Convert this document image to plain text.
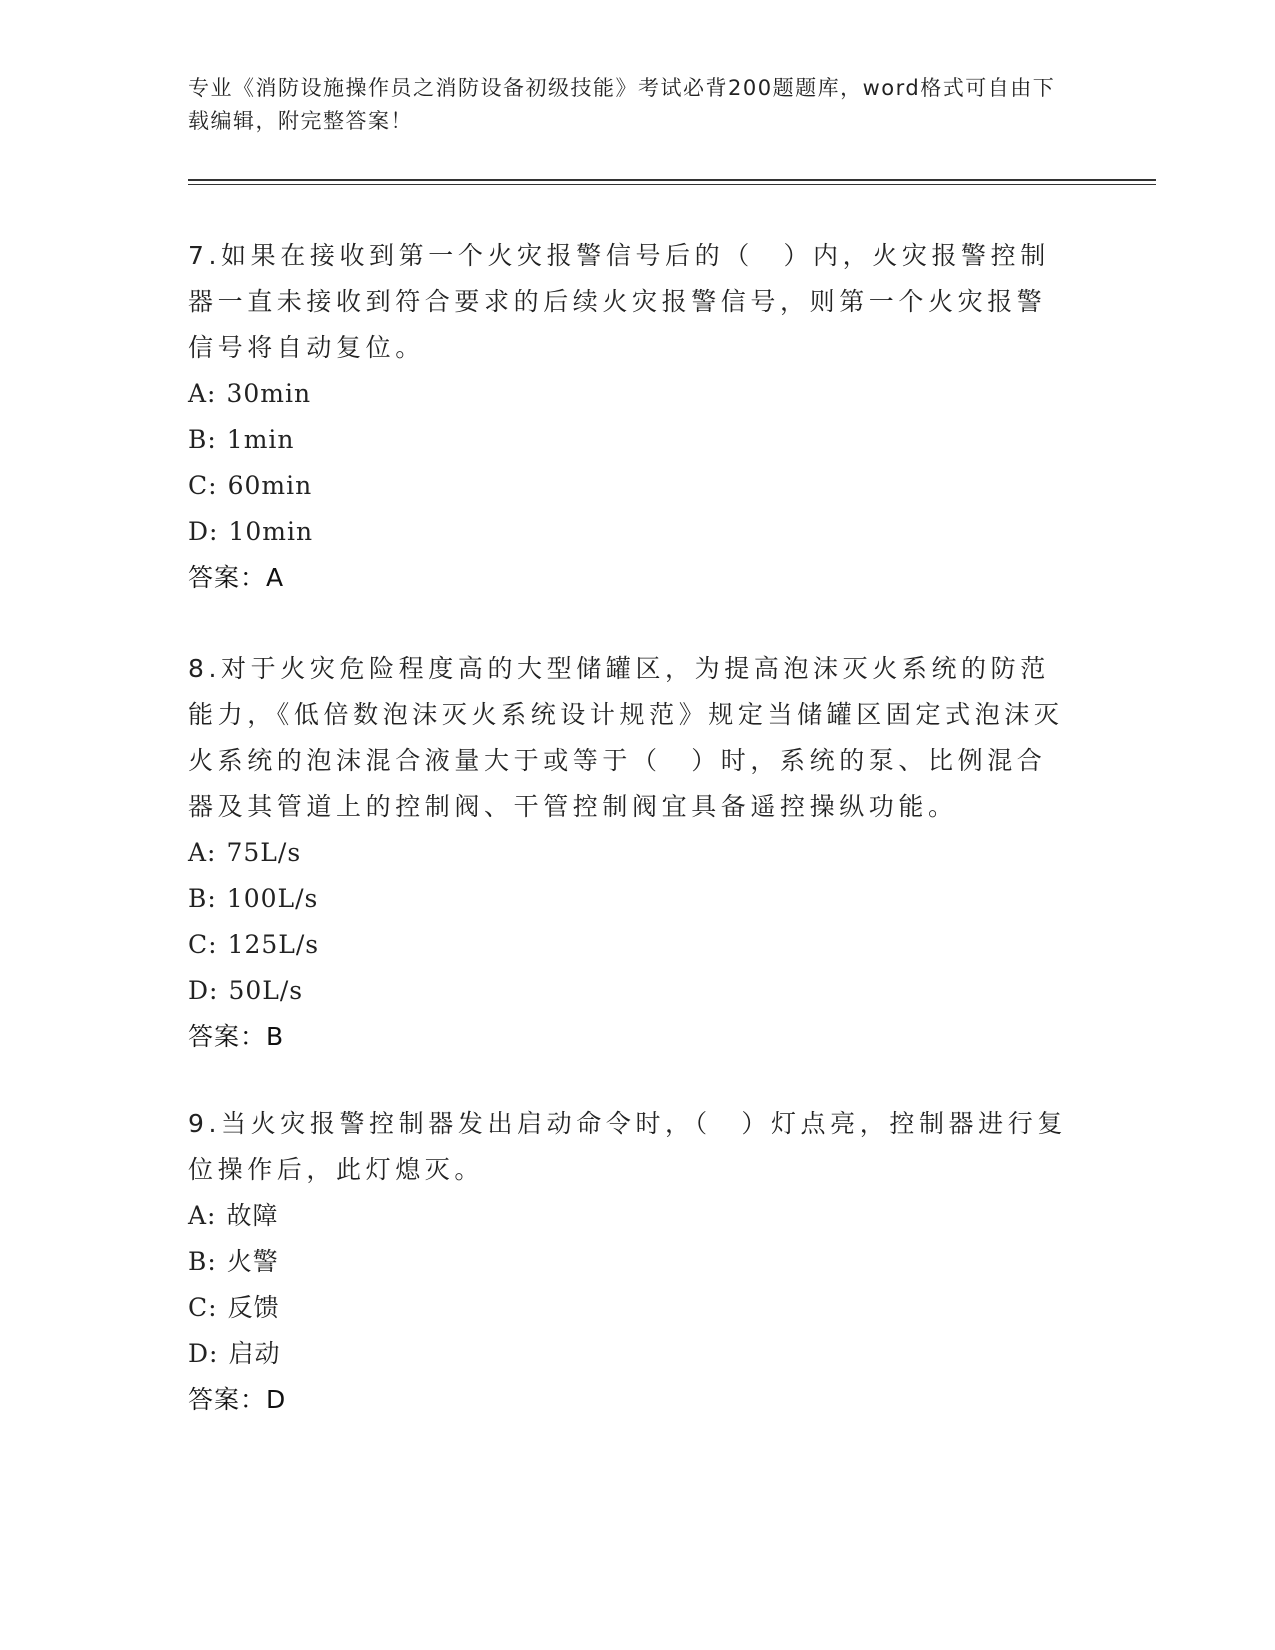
专业《消防设施操作员之消防设备初级技能》考试必背200题题库，word格式可自由下载编辑，附完整答案！

7.如果在接收到第一个火灾报警信号后的（　）内，火灾报警控制器一直未接收到符合要求的后续火灾报警信号，则第一个火灾报警信号将自动复位。

A: 30min

B: 1min

C: 60min

D: 10min

答案：A

8.对于火灾危险程度高的大型储罐区，为提高泡沫灭火系统的防范能力，《低倍数泡沫灭火系统设计规范》规定当储罐区固定式泡沫灭火系统的泡沫混合液量大于或等于（　）时，系统的泵、比例混合器及其管道上的控制阀、干管控制阀宜具备遥控操纵功能。

A: 75L/s

B: 100L/s

C: 125L/s

D: 50L/s

答案：B

9.当火灾报警控制器发出启动命令时，（　）灯点亮，控制器进行复位操作后，此灯熄灭。

A: 故障

B: 火警

C: 反馈

D: 启动

答案：D
